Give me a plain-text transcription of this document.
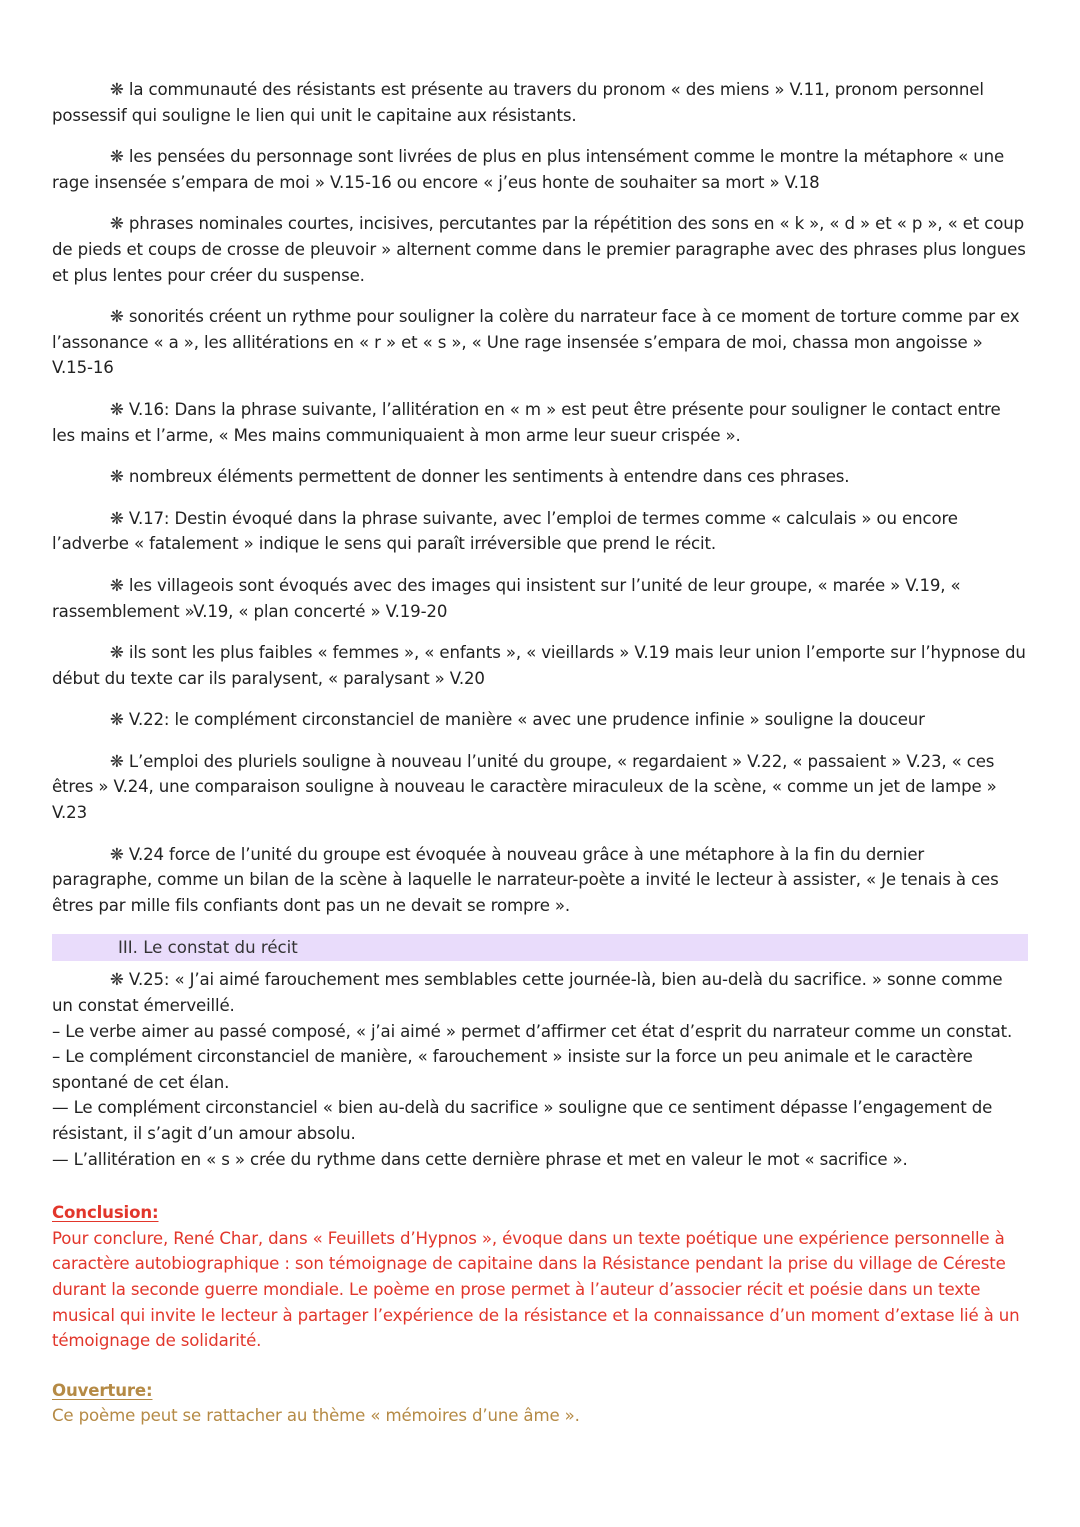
❋ la communauté des résistants est présente au travers du pronom « des miens » V.11, pronom personnel possessif qui souligne le lien qui unit le capitaine aux résistants.

❋ les pensées du personnage sont livrées de plus en plus intensément comme le montre la métaphore « une rage insensée s’empara de moi » V.15-16 ou encore « j’eus honte de souhaiter sa mort » V.18

❋ phrases nominales courtes, incisives, percutantes par la répétition des sons en « k », « d » et « p », « et coup de pieds et coups de crosse de pleuvoir » alternent comme dans le premier paragraphe avec des phrases plus longues et plus lentes pour créer du suspense.

❋ sonorités créent un rythme pour souligner la colère du narrateur face à ce moment de torture comme par ex l’assonance « a », les allitérations en « r » et « s », « Une rage insensée s’empara de moi, chassa mon angoisse » V.15-16

❋ V.16: Dans la phrase suivante, l’allitération en « m » est peut être présente pour souligner le contact entre les mains et l’arme, « Mes mains communiquaient à mon arme leur sueur crispée ».

❋ nombreux éléments permettent de donner les sentiments à entendre dans ces phrases.

❋ V.17: Destin évoqué dans la phrase suivante, avec l’emploi de termes comme « calculais » ou encore l’adverbe « fatalement » indique le sens qui paraît irréversible que prend le récit.

❋ les villageois sont évoqués avec des images qui insistent sur l’unité de leur groupe, « marée » V.19, « rassemblement »V.19, « plan concerté » V.19-20

❋ ils sont les plus faibles « femmes », « enfants », « vieillards » V.19 mais leur union l’emporte sur l’hypnose du début du texte car ils paralysent, « paralysant » V.20

❋ V.22: le complément circonstanciel de manière « avec une prudence infinie » souligne la douceur

❋ L’emploi des pluriels souligne à nouveau l’unité du groupe, « regardaient » V.22, « passaient » V.23, « ces êtres » V.24, une comparaison souligne à nouveau le caractère miraculeux de la scène, « comme un jet de lampe » V.23

❋ V.24 force de l’unité du groupe est évoquée à nouveau grâce à une métaphore à la fin du dernier paragraphe, comme un bilan de la scène à laquelle le narrateur-poète a invité le lecteur à assister, « Je tenais à ces êtres par mille fils confiants dont pas un ne devait se rompre ».

III. Le constat du récit

❋ V.25: « J’ai aimé farouchement mes semblables cette journée-là, bien au-delà du sacrifice. » sonne comme un constat émerveillé.

– Le verbe aimer au passé composé, « j’ai aimé » permet d’affirmer cet état d’esprit du narrateur comme un constat.

– Le complément circonstanciel de manière, « farouchement » insiste sur la force un peu animale et le caractère spontané de cet élan.

— Le complément circonstanciel « bien au-delà du sacrifice » souligne que ce sentiment dépasse l’engagement de résistant, il s’agit d’un amour absolu.

— L’allitération en « s » crée du rythme dans cette dernière phrase et met en valeur le mot « sacrifice ».

Conclusion:

Pour conclure, René Char, dans « Feuillets d’Hypnos », évoque dans un texte poétique une expérience personnelle à caractère autobiographique : son témoignage de capitaine dans la Résistance pendant la prise du village de Céreste durant la seconde guerre mondiale. Le poème en prose permet à l’auteur d’associer récit et poésie dans un texte musical qui invite le lecteur à partager l’expérience de la résistance et la connaissance d’un moment d’extase lié à un témoignage de solidarité.

Ouverture:

Ce poème peut se rattacher au thème « mémoires d’une âme ».
